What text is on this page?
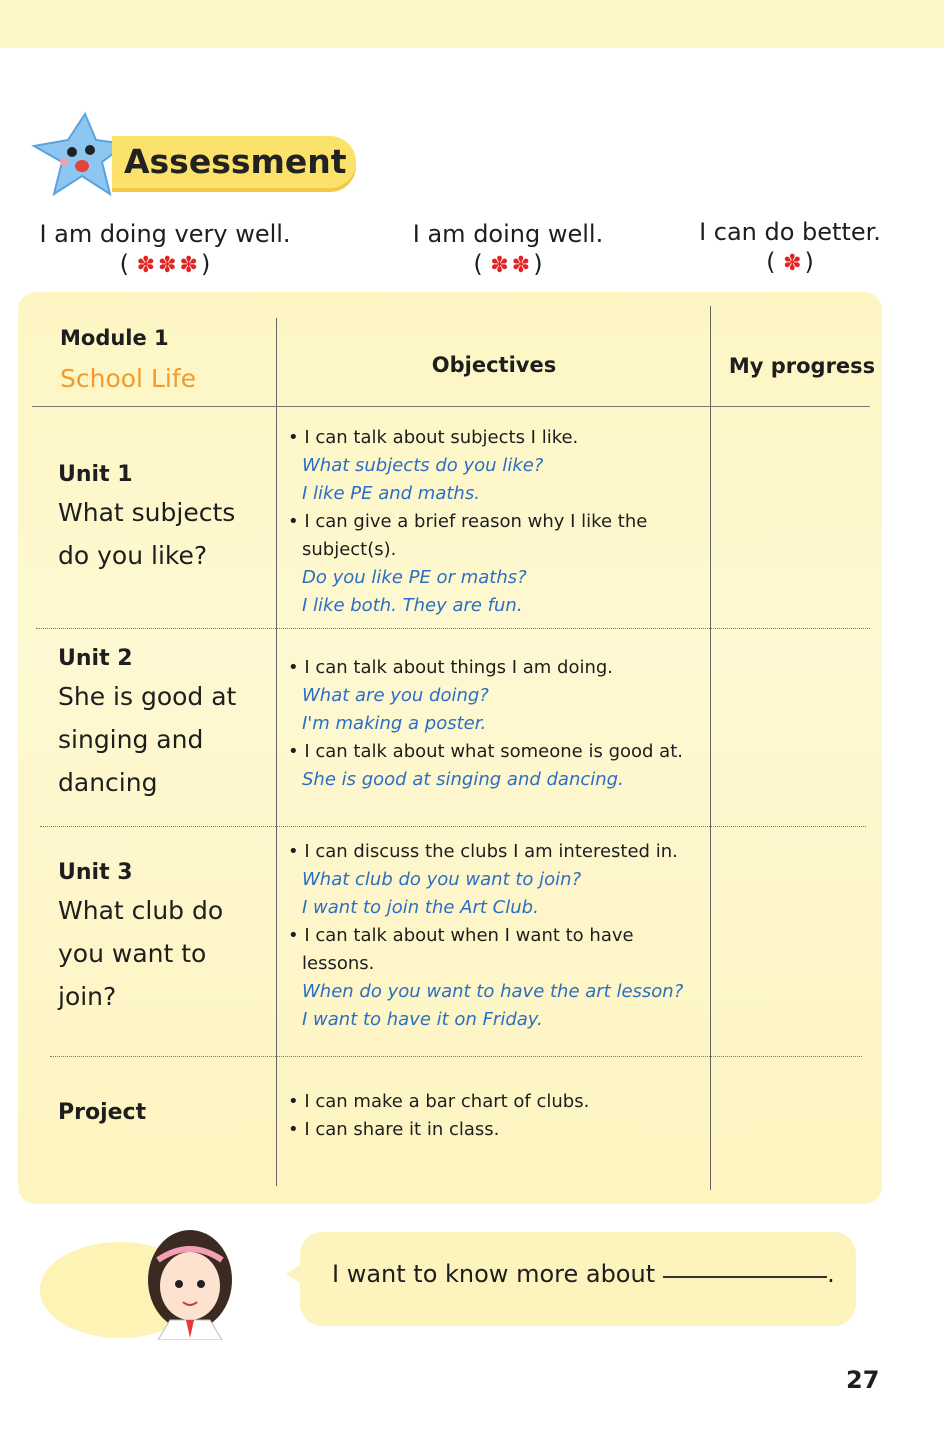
Assessment
I am doing very well.
( ✽✽✽)
I am doing well.
( ✽✽)
I can do better.
( ✽)
Module 1
School Life	Objectives	My progress
Unit 1
What subjects
do you like?
• I can talk about subjects I like.
What subjects do you like?
I like PE and maths.
• I can give a brief reason why I like the
subject(s).
Do you like PE or maths?
I like both. They are fun.
Unit 2
She is good at
singing and
dancing
• I can talk about things I am doing.
What are you doing?
I'm making a poster.
• I can talk about what someone is good at.
She is good at singing and dancing.
Unit 3
What club do
you want to
join?
• I can discuss the clubs I am interested in.
What club do you want to join?
I want to join the Art Club.
• I can talk about when I want to have
lessons.
When do you want to have the art lesson?
I want to have it on Friday.
Project
•	I can make a bar chart of clubs.
• I can share it in class.
I want to know more about	.
27
